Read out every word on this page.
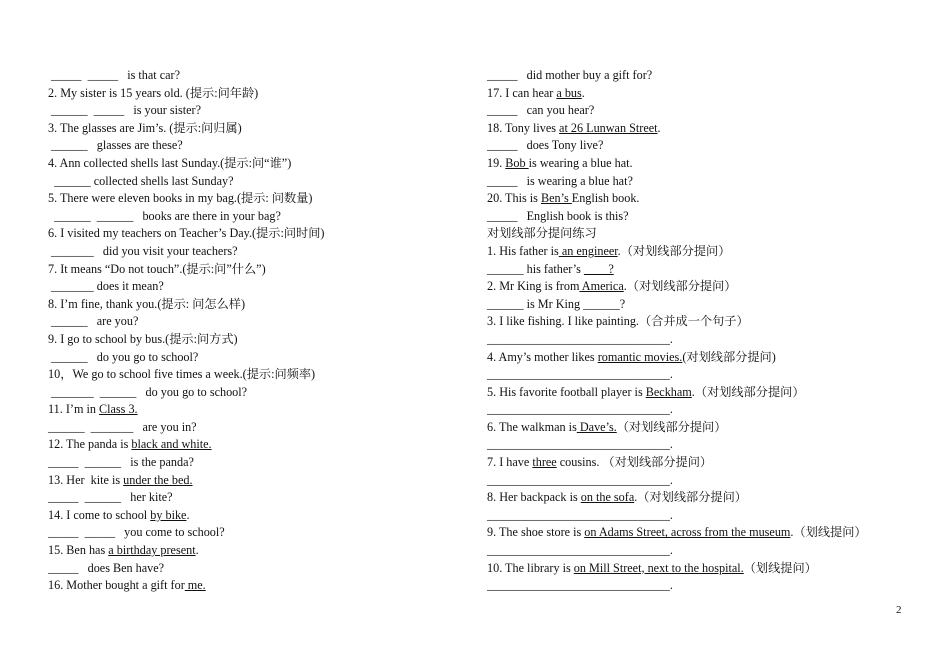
_____  _____   is that car?
2. My sister is 15 years old. (提示:问年龄)
______  _____   is your sister?
3. The glasses are Jim’s. (提示:问归属)
______   glasses are these?
4. Ann collected shells last Sunday.(提示:问“谁”)
______ collected shells last Sunday?
5. There were eleven books in my bag.(提示: 问数量)
______  ______   books are there in your bag?
6. I visited my teachers on Teacher’s Day.(提示:问时间)
_______   did you visit your teachers?
7. It means “Do not touch”.(提示:问”什么”)
_______ does it mean?
8. I’m fine, thank you.(提示: 问怎么样)
______   are you?
9. I go to school by bus.(提示:问方式)
______   do you go to school?
10，We go to school five times a week.(提示:问频率)
_______  ______   do you go to school?
11. I’m in Class 3.
______  _______   are you in?
12. The panda is black and white.
_____  ______   is the panda?
13. Her  kite is under the bed.
_____  ______   her kite?
14. I come to school by bike.
_____  _____   you come to school?
15. Ben has a birthday present.
_____   does Ben have?
16. Mother bought a gift for me.
_____   did mother buy a gift for?
17. I can hear a bus.
_____   can you hear?
18. Tony lives at 26 Lunwan Street.
_____   does Tony live?
19. Bob is wearing a blue hat.
_____   is wearing a blue hat?
20. This is Ben’s English book.
_____   English book is this?
对划线部分提问练习
1. His father is an engineer.（对划线部分提问）
______ his father’s ____?
2. Mr King is from America.（对划线部分提问）
______ is Mr King ______?
3. I like fishing. I like painting.（合并成一个句子）
______________________________.
4. Amy’s mother likes romantic movies.(对划线部分提问)
______________________________.
5. His favorite football player is Beckham.（对划线部分提问）
______________________________.
6. The walkman is Dave’s.（对划线部分提问）
______________________________.
7. I have three cousins. （对划线部分提问）
______________________________.
8. Her backpack is on the sofa.（对划线部分提问）
______________________________.
9. The shoe store is on Adams Street, across from the museum.（划线提问）
______________________________.
10. The library is on Mill Street, next to the hospital.（划线提问）
______________________________.
2
